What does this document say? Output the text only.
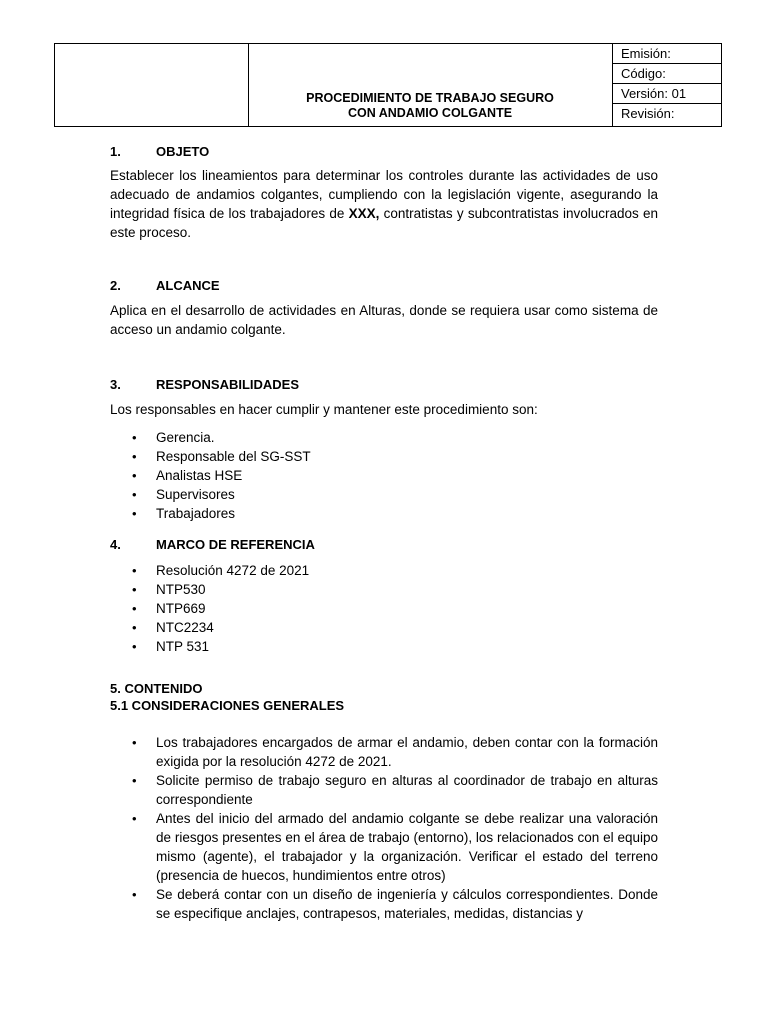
PROCEDIMIENTO DE TRABAJO SEGURO
CON ANDAMIO COLGANTE
Emisión:
Código:
Versión: 01
Revisión:
1.	OBJETO
Establecer los lineamientos para determinar los controles durante las actividades de uso adecuado de andamios colgantes, cumpliendo con la legislación vigente, asegurando la integridad física de los trabajadores de XXX, contratistas y subcontratistas involucrados en este proceso.
2.	ALCANCE
Aplica en el desarrollo de actividades en Alturas, donde se requiera usar como sistema de acceso un andamio colgante.
3.	RESPONSABILIDADES
Los responsables en hacer cumplir y mantener este procedimiento son:
• Gerencia.
• Responsable del SG-SST
• Analistas HSE
• Supervisores
• Trabajadores
4.	MARCO DE REFERENCIA
• Resolución 4272 de 2021
• NTP530
• NTP669
• NTC2234
• NTP 531
5. CONTENIDO
5.1 CONSIDERACIONES GENERALES
• Los trabajadores encargados de armar el andamio, deben contar con la formación exigida por la resolución 4272 de 2021.
• Solicite permiso de trabajo seguro en alturas al coordinador de trabajo en alturas correspondiente
• Antes del inicio del armado del andamio colgante se debe realizar una valoración de riesgos presentes en el área de trabajo (entorno), los relacionados con el equipo mismo (agente), el trabajador y la organización. Verificar el estado del terreno (presencia de huecos, hundimientos entre otros)
• Se deberá contar con un diseño de ingeniería y cálculos correspondientes. Donde se especifique anclajes, contrapesos, materiales, medidas, distancias y
